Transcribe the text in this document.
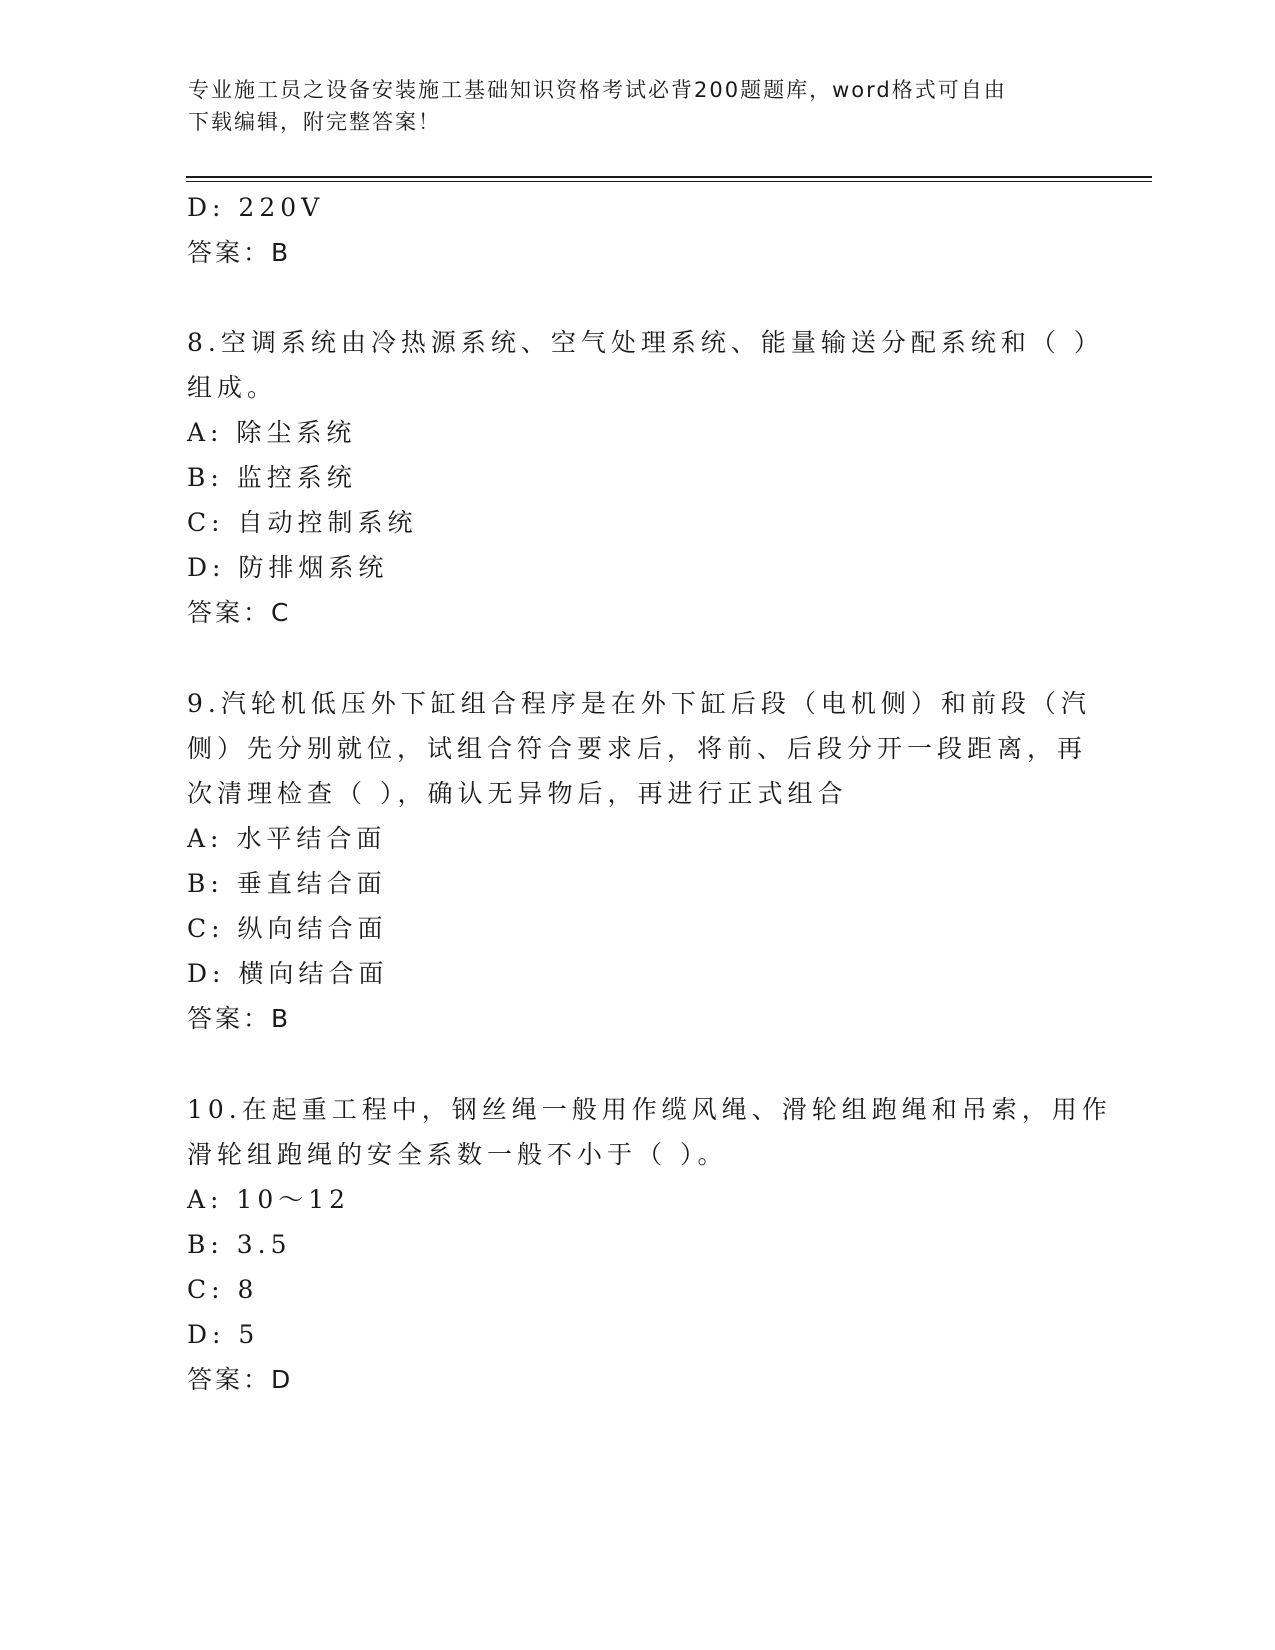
专业施工员之设备安装施工基础知识资格考试必背200题题库，word格式可自由
下载编辑，附完整答案！
D: 220V
答案：B
8.空调系统由冷热源系统、空气处理系统、能量输送分配系统和（ ）
组成。
A: 除尘系统
B: 监控系统
C: 自动控制系统
D: 防排烟系统
答案：C
9.汽轮机低压外下缸组合程序是在外下缸后段（电机侧）和前段（汽
侧）先分别就位，试组合符合要求后，将前、后段分开一段距离，再
次清理检查（ ），确认无异物后，再进行正式组合
A: 水平结合面
B: 垂直结合面
C: 纵向结合面
D: 横向结合面
答案：B
10.在起重工程中，钢丝绳一般用作缆风绳、滑轮组跑绳和吊索，用作
滑轮组跑绳的安全系数一般不小于（ ）。
A: 10～12
B: 3.5
C: 8
D: 5
答案：D
